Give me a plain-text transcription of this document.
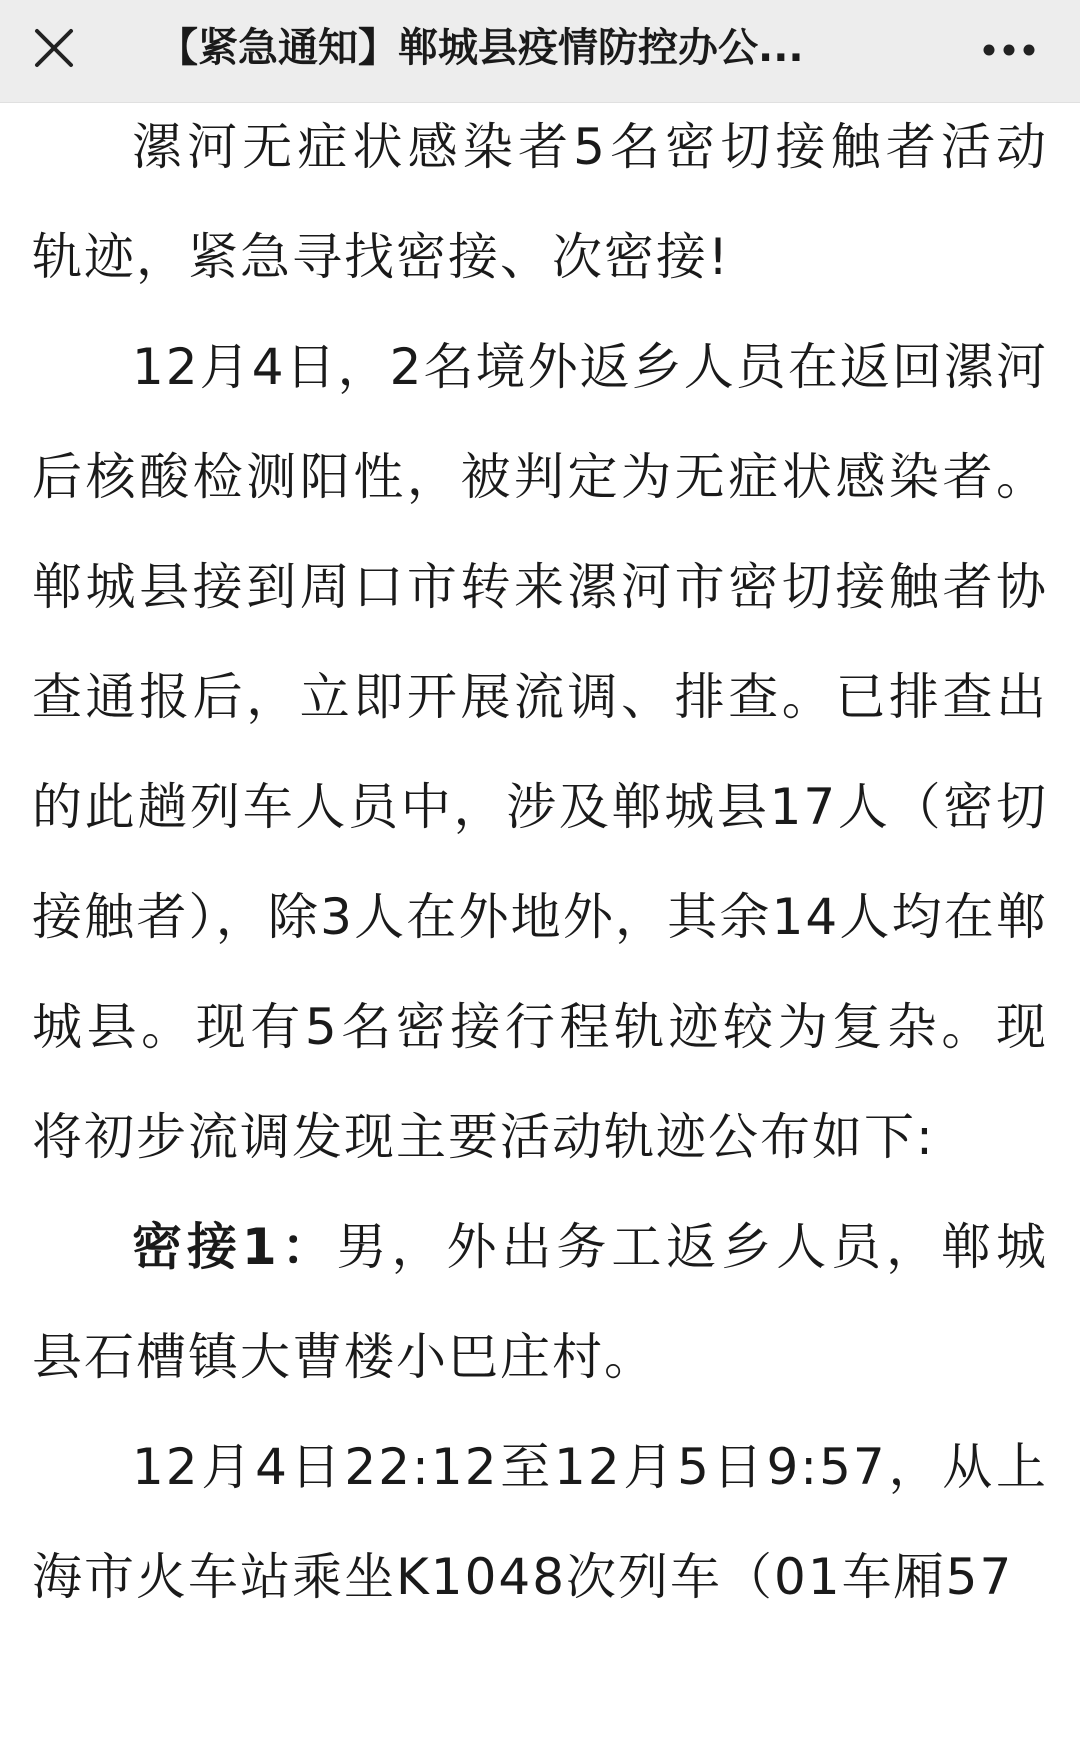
【紧急通知】郸城县疫情防控办公...

漯河无症状感染者5名密切接触者活动轨迹，紧急寻找密接、次密接!

12月4日，2名境外返乡人员在返回漯河后核酸检测阳性，被判定为无症状感染者。郸城县接到周口市转来漯河市密切接触者协查通报后，立即开展流调、排查。已排查出的此趟列车人员中，涉及郸城县17人（密切接触者），除3人在外地外，其余14人均在郸城县。现有5名密接行程轨迹较为复杂。现将初步流调发现主要活动轨迹公布如下:

密接1：男，外出务工返乡人员，郸城县石槽镇大曹楼小巴庄村。

12月4日22:12至12月5日9:57，从上海市火车站乘坐K1048次列车（01车厢57
